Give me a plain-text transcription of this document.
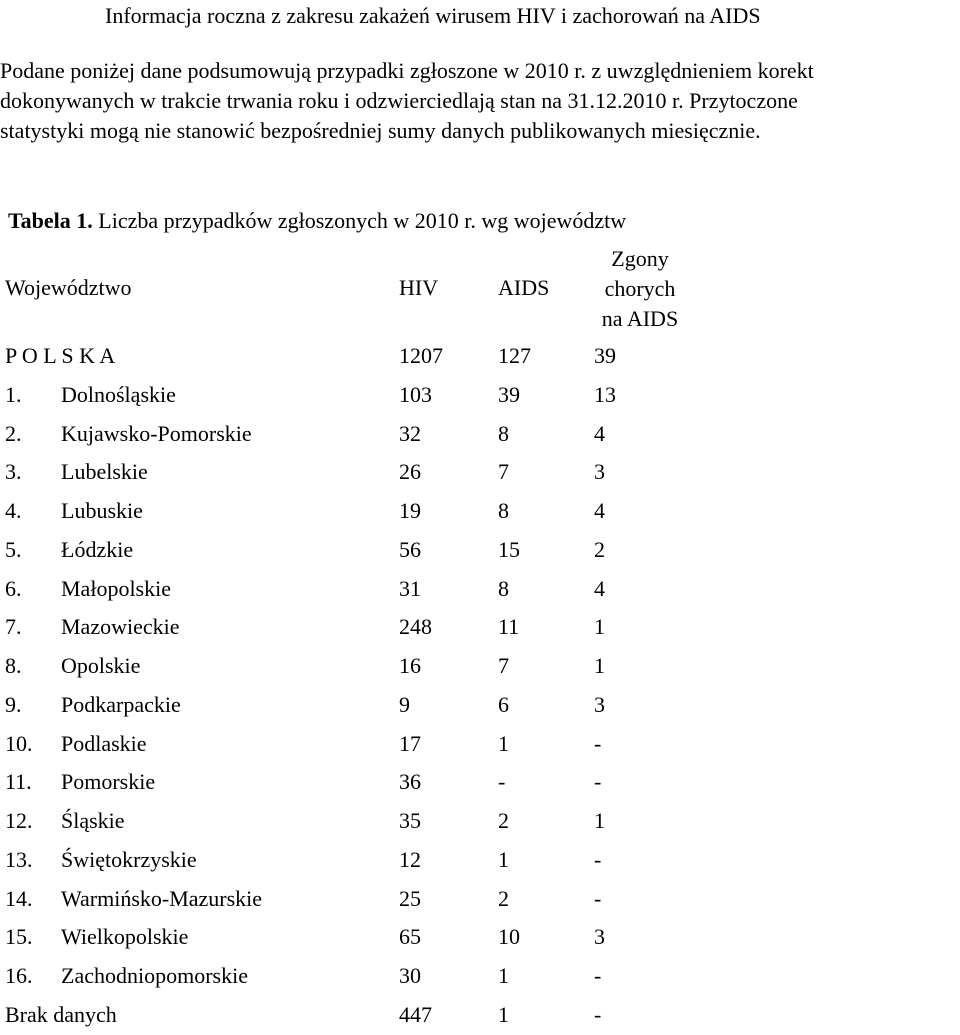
Informacja roczna z zakresu zakażeń wirusem HIV i zachorowań na AIDS
Podane poniżej dane podsumowują przypadki zgłoszone w 2010 r. z uwzględnieniem korekt
dokonywanych w trakcie trwania roku i odzwierciedlają stan na 31.12.2010 r. Przytoczone
statystyki mogą nie stanowić bezpośredniej sumy danych publikowanych miesięcznie.
Tabela 1. Liczba przypadków zgłoszonych w 2010 r. wg województw
Województwo	HIV	AIDS
Zgony
chorych
na AIDS
P O L S K A	1207	127	39
1. Dolnośląskie	103	39	13
2. Kujawsko-Pomorskie	32	8	4
3. Lubelskie	26	7	3
4. Lubuskie	19	8	4
5. Łódzkie	56	15	2
6. Małopolskie	31	8	4
7. Mazowieckie	248	11	1
8. Opolskie	16	7	1
9. Podkarpackie	9	6	3
10. Podlaskie	17	1	-
11. Pomorskie	36	-	-
12. Śląskie	35	2	1
13. Świętokrzyskie	12	1	-
14. Warmińsko-Mazurskie	25	2	-
15. Wielkopolskie	65	10	3
16. Zachodniopomorskie	30	1	-
Brak danych	447	1	-
